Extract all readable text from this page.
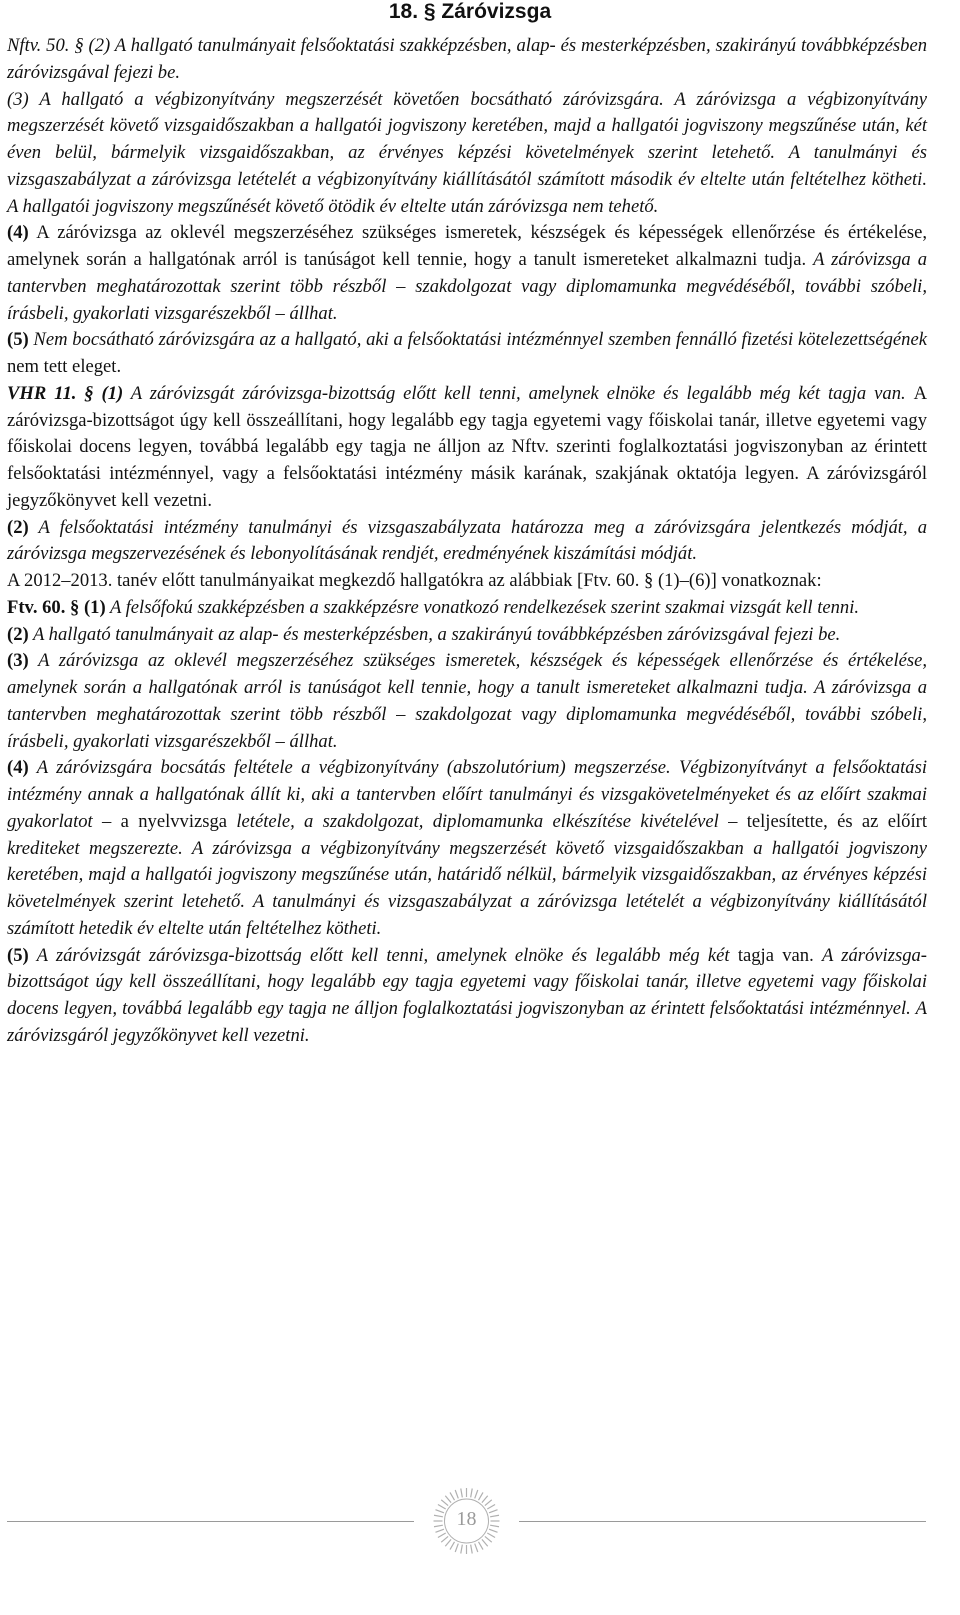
18. § Záróvizsga

Nftv. 50. § (2) A hallgató tanulmányait felsőoktatási szakképzésben, alap- és mesterképzésben, szakirányú továbbképzésben záróvizsgával fejezi be.

(3) A hallgató a végbizonyítvány megszerzését követően bocsátható záróvizsgára. A záróvizsga a végbizonyítvány megszerzését követő vizsgaidőszakban a hallgatói jogviszony keretében, majd a hallgatói jogviszony megszűnése után, két éven belül, bármelyik vizsgaidőszakban, az érvényes képzési követelmények szerint letehető. A tanulmányi és vizsgaszabályzat a záróvizsga letételét a végbizonyítvány kiállításától számított második év eltelte után feltételhez kötheti. A hallgatói jogviszony megszűnését követő ötödik év eltelte után záróvizsga nem tehető.

(4) A záróvizsga az oklevél megszerzéséhez szükséges ismeretek, készségek és képességek ellenőrzése és értékelése, amelynek során a hallgatónak arról is tanúságot kell tennie, hogy a tanult ismereteket alkalmazni tudja. A záróvizsga a tantervben meghatározottak szerint több részből – szakdolgozat vagy diplomamunka megvédéséből, további szóbeli, írásbeli, gyakorlati vizsgarészekből – állhat.

(5) Nem bocsátható záróvizsgára az a hallgató, aki a felsőoktatási intézménnyel szemben fennálló fizetési kötelezettségének nem tett eleget.

VHR 11. § (1) A záróvizsgát záróvizsga-bizottság előtt kell tenni, amelynek elnöke és legalább még két tagja van. A záróvizsga-bizottságot úgy kell összeállítani, hogy legalább egy tagja egyetemi vagy főiskolai tanár, illetve egyetemi vagy főiskolai docens legyen, továbbá legalább egy tagja ne álljon az Nftv. szerinti foglalkoztatási jogviszonyban az érintett felsőoktatási intézménnyel, vagy a felsőoktatási intézmény másik karának, szakjának oktatója legyen. A záróvizsgáról jegyzőkönyvet kell vezetni.

(2) A felsőoktatási intézmény tanulmányi és vizsgaszabályzata határozza meg a záróvizsgára jelentkezés módját, a záróvizsga megszervezésének és lebonyolításának rendjét, eredményének kiszámítási módját.

A 2012–2013. tanév előtt tanulmányaikat megkezdő hallgatókra az alábbiak [Ftv. 60. § (1)–(6)] vonatkoznak:

Ftv. 60. § (1) A felsőfokú szakképzésben a szakképzésre vonatkozó rendelkezések szerint szakmai vizsgát kell tenni.

(2) A hallgató tanulmányait az alap- és mesterképzésben, a szakirányú továbbképzésben záróvizsgával fejezi be.

(3) A záróvizsga az oklevél megszerzéséhez szükséges ismeretek, készségek és képességek ellenőrzése és értékelése, amelynek során a hallgatónak arról is tanúságot kell tennie, hogy a tanult ismereteket alkalmazni tudja. A záróvizsga a tantervben meghatározottak szerint több részből – szakdolgozat vagy diplomamunka megvédéséből, további szóbeli, írásbeli, gyakorlati vizsgarészekből – állhat.

(4) A záróvizsgára bocsátás feltétele a végbizonyítvány (abszolutórium) megszerzése. Végbizonyítványt a felsőoktatási intézmény annak a hallgatónak állít ki, aki a tantervben előírt tanulmányi és vizsgakövetelményeket és az előírt szakmai gyakorlatot – a nyelvvizsga letétele, a szakdolgozat, diplomamunka elkészítése kivételével – teljesítette, és az előírt krediteket megszerezte. A záróvizsga a végbizonyítvány megszerzését követő vizsgaidőszakban a hallgatói jogviszony keretében, majd a hallgatói jogviszony megszűnése után, határidő nélkül, bármelyik vizsgaidőszakban, az érvényes képzési követelmények szerint letehető. A tanulmányi és vizsgaszabályzat a záróvizsga letételét a végbizonyítvány kiállításától számított hetedik év eltelte után feltételhez kötheti.

(5) A záróvizsgát záróvizsga-bizottság előtt kell tenni, amelynek elnöke és legalább még két tagja van. A záróvizsga-bizottságot úgy kell összeállítani, hogy legalább egy tagja egyetemi vagy főiskolai tanár, illetve egyetemi vagy főiskolai docens legyen, továbbá legalább egy tagja ne álljon foglalkoztatási jogviszonyban az érintett felsőoktatási intézménnyel. A záróvizsgáról jegyzőkönyvet kell vezetni.

18
